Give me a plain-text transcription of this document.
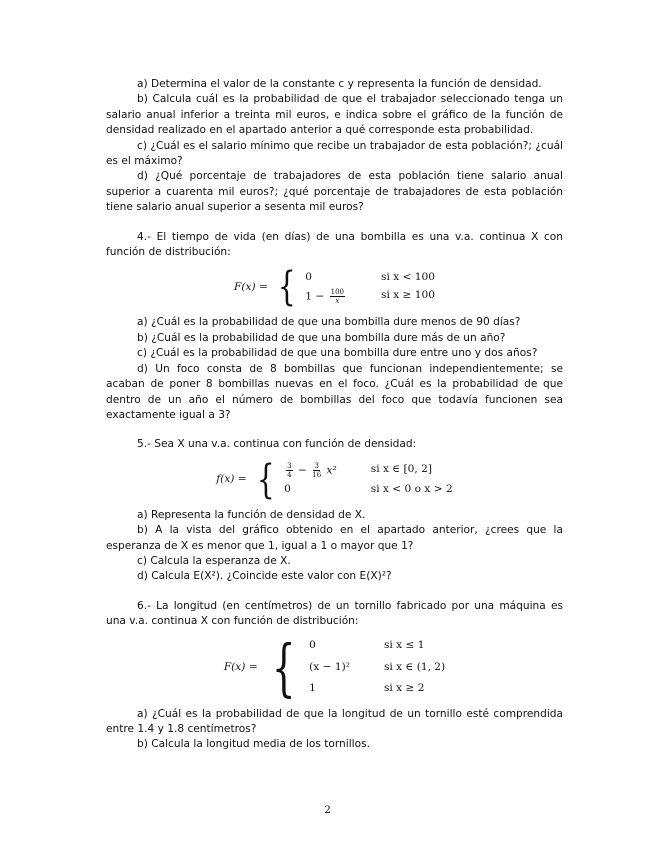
a) Determina el valor de la constante c y representa la función de densidad.

b) Calcula cuál es la probabilidad de que el trabajador seleccionado tenga un salario anual inferior a treinta mil euros, e indica sobre el gráfico de la función de densidad realizado en el apartado anterior a qué corresponde esta probabilidad.

c) ¿Cuál es el salario mínimo que recibe un trabajador de esta población?; ¿cuál es el máximo?

d) ¿Qué porcentaje de trabajadores de esta población tiene salario anual superior a cuarenta mil euros?; ¿qué porcentaje de trabajadores de esta población tiene salario anual superior a sesenta mil euros?

4.- El tiempo de vida (en días) de una bombilla es una v.a. continua X con función de distribución:

F(x) = { 0	si x < 100
$1 - \frac{100}{x}$	si x ≥ 100

a) ¿Cuál es la probabilidad de que una bombilla dure menos de 90 días?

b) ¿Cuál es la probabilidad de que una bombilla dure más de un año?

c) ¿Cuál es la probabilidad de que una bombilla dure entre uno y dos años?

d) Un foco consta de 8 bombillas que funcionan independientemente; se acaban de poner 8 bombillas nuevas en el foco. ¿Cuál es la probabilidad de que dentro de un año el número de bombillas del foco que todavía funcionen sea exactamente igual a 3?

5.- Sea X una v.a. continua con función de densidad:

f(x) = { $\frac{3}{4} - \frac{3}{16} x^2$	si x ∈ [0, 2]
0	si x < 0 o x > 2

a) Representa la función de densidad de X.

b) A la vista del gráfico obtenido en el apartado anterior, ¿crees que la esperanza de X es menor que 1, igual a 1 o mayor que 1?

c) Calcula la esperanza de X.

d) Calcula E(X²). ¿Coincide este valor con E(X)²?

6.- La longitud (en centímetros) de un tornillo fabricado por una máquina es una v.a. continua X con función de distribución:

F(x) = { 0	si x ≤ 1
(x − 1)²	si x ∈ (1, 2)
1	si x ≥ 2

a) ¿Cuál es la probabilidad de que la longitud de un tornillo esté comprendida entre 1.4 y 1.8 centímetros?

b) Calcula la longitud media de los tornillos.

2
